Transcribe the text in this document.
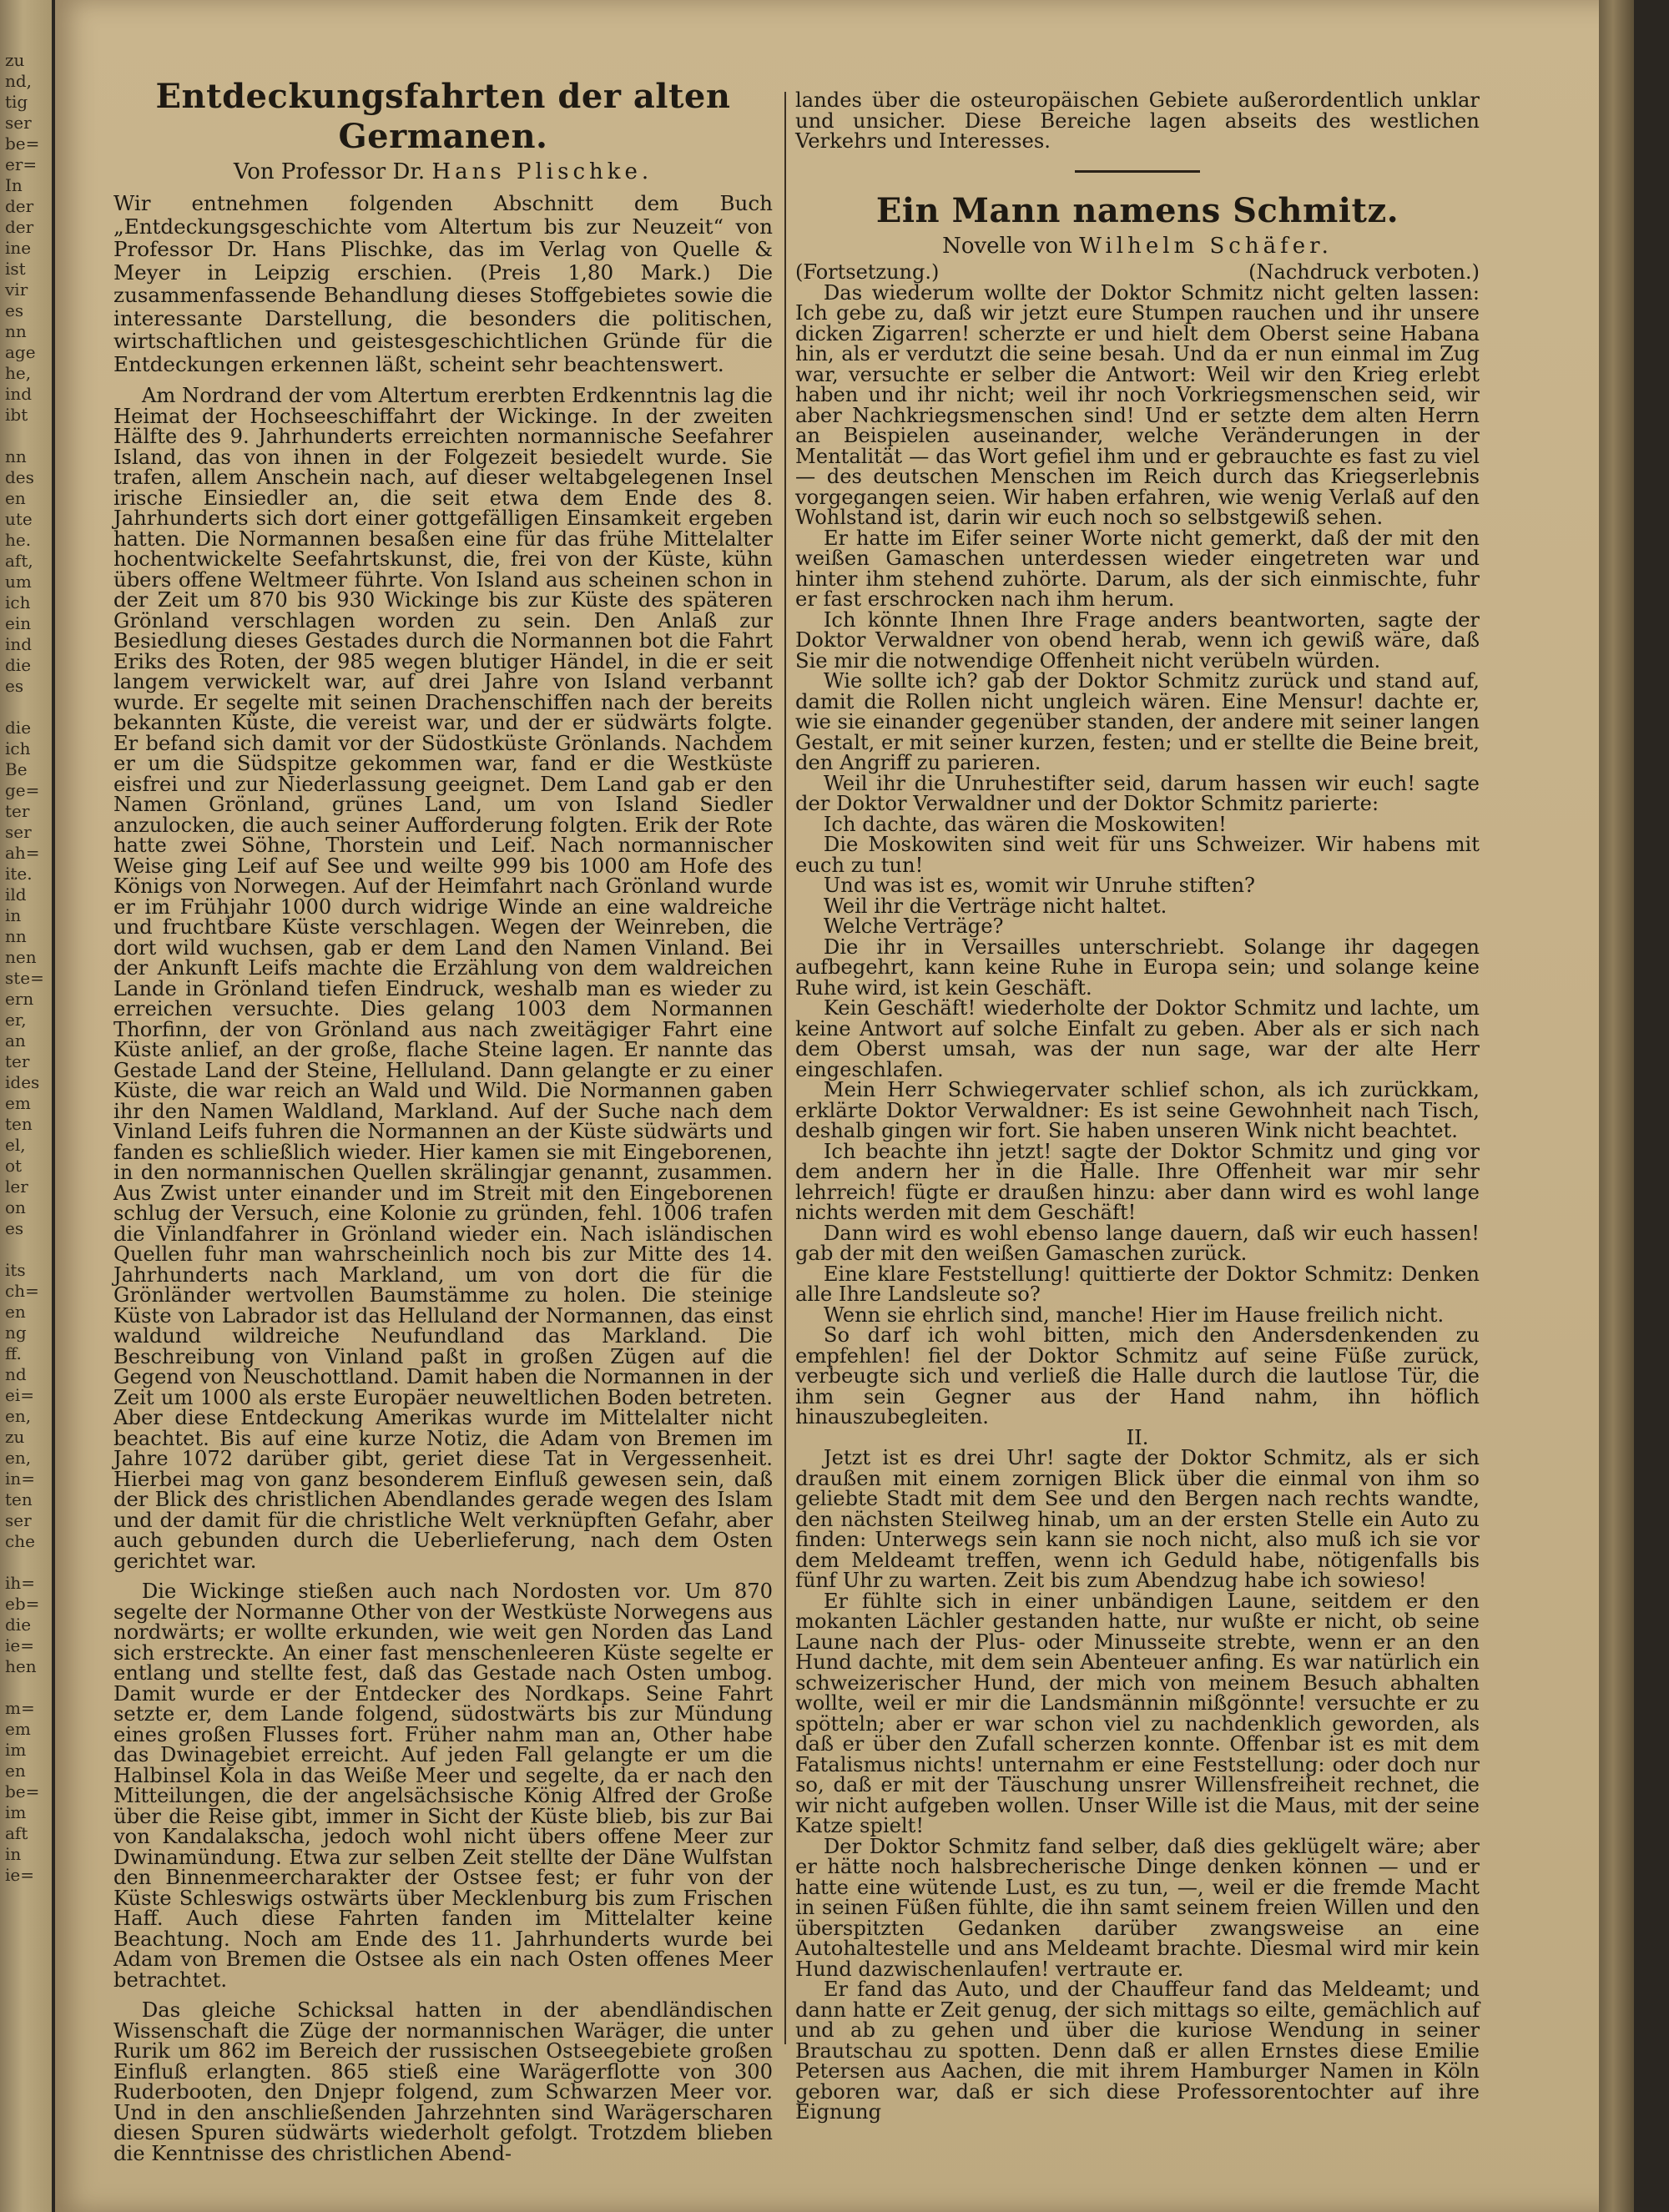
zu
nd,
tig
ser
be=
er=
In
der
der
ine
ist
vir
es
nn
age
he,
ind
ibt

nn
des
en
ute
he.
aft,
um
ich
ein
ind
die
es

die
ich
Be
ge=
ter
ser
ah=
ite.
ild
in
nn
nen
ste=
ern
er,
an
ter
ides
em
ten
el,
ot
ler
on
es

its
ch=
en
ng
ff.
nd
ei=
en,
zu
en,
in=
ten
ser
che

ih=
eb=
die
ie=
hen

m=
em
im
en
be=
im
aft
in
ie=
Entdeckungsfahrten der alten Germanen.

Von Professor Dr. Hans Plischke.

Wir entnehmen folgenden Abschnitt dem Buch „Entdeckungsgeschichte vom Altertum bis zur Neuzeit“ von Professor Dr. Hans Plischke, das im Verlag von Quelle & Meyer in Leipzig erschien. (Preis 1,80 Mark.) Die zusammenfassende Behandlung dieses Stoffgebietes sowie die interessante Darstellung, die besonders die politischen, wirtschaftlichen und geistesgeschichtlichen Gründe für die Entdeckungen erkennen läßt, scheint sehr beachtenswert.

Am Nordrand der vom Altertum ererbten Erdkenntnis lag die Heimat der Hochseeschiffahrt der Wickinge. In der zweiten Hälfte des 9. Jahrhunderts erreichten normannische Seefahrer Island, das von ihnen in der Folgezeit besiedelt wurde. Sie trafen, allem Anschein nach, auf dieser weltabgelegenen Insel irische Einsiedler an, die seit etwa dem Ende des 8. Jahrhunderts sich dort einer gottgefälligen Einsamkeit ergeben hatten. Die Normannen besaßen eine für das frühe Mittelalter hochentwickelte Seefahrtskunst, die, frei von der Küste, kühn übers offene Weltmeer führte. Von Island aus scheinen schon in der Zeit um 870 bis 930 Wickinge bis zur Küste des späteren Grönland verschlagen worden zu sein. Den Anlaß zur Besiedlung dieses Gestades durch die Normannen bot die Fahrt Eriks des Roten, der 985 wegen blutiger Händel, in die er seit langem verwickelt war, auf drei Jahre von Island verbannt wurde. Er segelte mit seinen Drachenschiffen nach der bereits bekannten Küste, die vereist war, und der er südwärts folgte. Er befand sich damit vor der Südostküste Grönlands. Nachdem er um die Südspitze gekommen war, fand er die Westküste eisfrei und zur Niederlassung geeignet. Dem Land gab er den Namen Grönland, grünes Land, um von Island Siedler anzulocken, die auch seiner Aufforderung folgten. Erik der Rote hatte zwei Söhne, Thorstein und Leif. Nach normannischer Weise ging Leif auf See und weilte 999 bis 1000 am Hofe des Königs von Norwegen. Auf der Heimfahrt nach Grönland wurde er im Frühjahr 1000 durch widrige Winde an eine waldreiche und fruchtbare Küste verschlagen. Wegen der Weinreben, die dort wild wuchsen, gab er dem Land den Namen Vinland. Bei der Ankunft Leifs machte die Erzählung von dem waldreichen Lande in Grönland tiefen Eindruck, weshalb man es wieder zu erreichen versuchte. Dies gelang 1003 dem Normannen Thorfinn, der von Grönland aus nach zweitägiger Fahrt eine Küste anlief, an der große, flache Steine lagen. Er nannte das Gestade Land der Steine, Helluland. Dann gelangte er zu einer Küste, die war reich an Wald und Wild. Die Normannen gaben ihr den Namen Waldland, Markland. Auf der Suche nach dem Vinland Leifs fuhren die Normannen an der Küste südwärts und fanden es schließlich wieder. Hier kamen sie mit Eingeborenen, in den normannischen Quellen skrälingjar genannt, zusammen. Aus Zwist unter einander und im Streit mit den Eingeborenen schlug der Versuch, eine Kolonie zu gründen, fehl. 1006 trafen die Vinlandfahrer in Grönland wieder ein. Nach isländischen Quellen fuhr man wahrscheinlich noch bis zur Mitte des 14. Jahrhunderts nach Markland, um von dort die für die Grönländer wertvollen Baumstämme zu holen. Die steinige Küste von Labrador ist das Helluland der Normannen, das einst waldund wildreiche Neufundland das Markland. Die Beschreibung von Vinland paßt in großen Zügen auf die Gegend von Neuschottland. Damit haben die Normannen in der Zeit um 1000 als erste Europäer neuweltlichen Boden betreten. Aber diese Entdeckung Amerikas wurde im Mittelalter nicht beachtet. Bis auf eine kurze Notiz, die Adam von Bremen im Jahre 1072 darüber gibt, geriet diese Tat in Vergessenheit. Hierbei mag von ganz besonderem Einfluß gewesen sein, daß der Blick des christlichen Abendlandes gerade wegen des Islam und der damit für die christliche Welt verknüpften Gefahr, aber auch gebunden durch die Ueberlieferung, nach dem Osten gerichtet war.

Die Wickinge stießen auch nach Nordosten vor. Um 870 segelte der Normanne Other von der Westküste Norwegens aus nordwärts; er wollte erkunden, wie weit gen Norden das Land sich erstreckte. An einer fast menschenleeren Küste segelte er entlang und stellte fest, daß das Gestade nach Osten umbog. Damit wurde er der Entdecker des Nordkaps. Seine Fahrt setzte er, dem Lande folgend, südostwärts bis zur Mündung eines großen Flusses fort. Früher nahm man an, Other habe das Dwinagebiet erreicht. Auf jeden Fall gelangte er um die Halbinsel Kola in das Weiße Meer und segelte, da er nach den Mitteilungen, die der angelsächsische König Alfred der Große über die Reise gibt, immer in Sicht der Küste blieb, bis zur Bai von Kandalakscha, jedoch wohl nicht übers offene Meer zur Dwinamündung. Etwa zur selben Zeit stellte der Däne Wulfstan den Binnenmeercharakter der Ostsee fest; er fuhr von der Küste Schleswigs ostwärts über Mecklenburg bis zum Frischen Haff. Auch diese Fahrten fanden im Mittelalter keine Beachtung. Noch am Ende des 11. Jahrhunderts wurde bei Adam von Bremen die Ostsee als ein nach Osten offenes Meer betrachtet.

Das gleiche Schicksal hatten in der abendländischen Wissenschaft die Züge der normannischen Waräger, die unter Rurik um 862 im Bereich der russischen Ostseegebiete großen Einfluß erlangten. 865 stieß eine Warägerflotte von 300 Ruderbooten, den Dnjepr folgend, zum Schwarzen Meer vor. Und in den anschließenden Jahrzehnten sind Warägerscharen diesen Spuren südwärts wiederholt gefolgt. Trotzdem blieben die Kenntnisse des christlichen Abend-

landes über die osteuropäischen Gebiete außerordentlich unklar und unsicher. Diese Bereiche lagen abseits des westlichen Verkehrs und Interesses.

Ein Mann namens Schmitz.

Novelle von Wilhelm Schäfer.

(Fortsetzung.)	(Nachdruck verboten.)

Das wiederum wollte der Doktor Schmitz nicht gelten lassen: Ich gebe zu, daß wir jetzt eure Stumpen rauchen und ihr unsere dicken Zigarren! scherzte er und hielt dem Oberst seine Habana hin, als er verdutzt die seine besah. Und da er nun einmal im Zug war, versuchte er selber die Antwort: Weil wir den Krieg erlebt haben und ihr nicht; weil ihr noch Vorkriegsmenschen seid, wir aber Nachkriegsmenschen sind! Und er setzte dem alten Herrn an Beispielen auseinander, welche Veränderungen in der Mentalität — das Wort gefiel ihm und er gebrauchte es fast zu viel — des deutschen Menschen im Reich durch das Kriegserlebnis vorgegangen seien. Wir haben erfahren, wie wenig Verlaß auf den Wohlstand ist, darin wir euch noch so selbstgewiß sehen.

Er hatte im Eifer seiner Worte nicht gemerkt, daß der mit den weißen Gamaschen unterdessen wieder eingetreten war und hinter ihm stehend zuhörte. Darum, als der sich einmischte, fuhr er fast erschrocken nach ihm herum.

Ich könnte Ihnen Ihre Frage anders beantworten, sagte der Doktor Verwaldner von obend herab, wenn ich gewiß wäre, daß Sie mir die notwendige Offenheit nicht verübeln würden.

Wie sollte ich? gab der Doktor Schmitz zurück und stand auf, damit die Rollen nicht ungleich wären. Eine Mensur! dachte er, wie sie einander gegenüber standen, der andere mit seiner langen Gestalt, er mit seiner kurzen, festen; und er stellte die Beine breit, den Angriff zu parieren.

Weil ihr die Unruhestifter seid, darum hassen wir euch! sagte der Doktor Verwaldner und der Doktor Schmitz parierte:

Ich dachte, das wären die Moskowiten!

Die Moskowiten sind weit für uns Schweizer. Wir habens mit euch zu tun!

Und was ist es, womit wir Unruhe stiften?

Weil ihr die Verträge nicht haltet.

Welche Verträge?

Die ihr in Versailles unterschriebt. Solange ihr dagegen aufbegehrt, kann keine Ruhe in Europa sein; und solange keine Ruhe wird, ist kein Geschäft.

Kein Geschäft! wiederholte der Doktor Schmitz und lachte, um keine Antwort auf solche Einfalt zu geben. Aber als er sich nach dem Oberst umsah, was der nun sage, war der alte Herr eingeschlafen.

Mein Herr Schwiegervater schlief schon, als ich zurückkam, erklärte Doktor Verwaldner: Es ist seine Gewohnheit nach Tisch, deshalb gingen wir fort. Sie haben unseren Wink nicht beachtet.

Ich beachte ihn jetzt! sagte der Doktor Schmitz und ging vor dem andern her in die Halle. Ihre Offenheit war mir sehr lehrreich! fügte er draußen hinzu: aber dann wird es wohl lange nichts werden mit dem Geschäft!

Dann wird es wohl ebenso lange dauern, daß wir euch hassen! gab der mit den weißen Gamaschen zurück.

Eine klare Feststellung! quittierte der Doktor Schmitz: Denken alle Ihre Landsleute so?

Wenn sie ehrlich sind, manche! Hier im Hause freilich nicht.

So darf ich wohl bitten, mich den Andersdenkenden zu empfehlen! fiel der Doktor Schmitz auf seine Füße zurück, verbeugte sich und verließ die Halle durch die lautlose Tür, die ihm sein Gegner aus der Hand nahm, ihn höflich hinauszubegleiten.

II.

Jetzt ist es drei Uhr! sagte der Doktor Schmitz, als er sich draußen mit einem zornigen Blick über die einmal von ihm so geliebte Stadt mit dem See und den Bergen nach rechts wandte, den nächsten Steilweg hinab, um an der ersten Stelle ein Auto zu finden: Unterwegs sein kann sie noch nicht, also muß ich sie vor dem Meldeamt treffen, wenn ich Geduld habe, nötigenfalls bis fünf Uhr zu warten. Zeit bis zum Abendzug habe ich sowieso!

Er fühlte sich in einer unbändigen Laune, seitdem er den mokanten Lächler gestanden hatte, nur wußte er nicht, ob seine Laune nach der Plus- oder Minusseite strebte, wenn er an den Hund dachte, mit dem sein Abenteuer anfing. Es war natürlich ein schweizerischer Hund, der mich von meinem Besuch abhalten wollte, weil er mir die Landsmännin mißgönnte! versuchte er zu spötteln; aber er war schon viel zu nachdenklich geworden, als daß er über den Zufall scherzen konnte. Offenbar ist es mit dem Fatalismus nichts! unternahm er eine Feststellung: oder doch nur so, daß er mit der Täuschung unsrer Willensfreiheit rechnet, die wir nicht aufgeben wollen. Unser Wille ist die Maus, mit der seine Katze spielt!

Der Doktor Schmitz fand selber, daß dies geklügelt wäre; aber er hätte noch halsbrecherische Dinge denken können — und er hatte eine wütende Lust, es zu tun, —, weil er die fremde Macht in seinen Füßen fühlte, die ihn samt seinem freien Willen und den überspitzten Gedanken darüber zwangsweise an eine Autohaltestelle und ans Meldeamt brachte. Diesmal wird mir kein Hund dazwischenlaufen! vertraute er.

Er fand das Auto, und der Chauffeur fand das Meldeamt; und dann hatte er Zeit genug, der sich mittags so eilte, gemächlich auf und ab zu gehen und über die kuriose Wendung in seiner Brautschau zu spotten. Denn daß er allen Ernstes diese Emilie Petersen aus Aachen, die mit ihrem Hamburger Namen in Köln geboren war, daß er sich diese Professorentochter auf ihre Eignung
